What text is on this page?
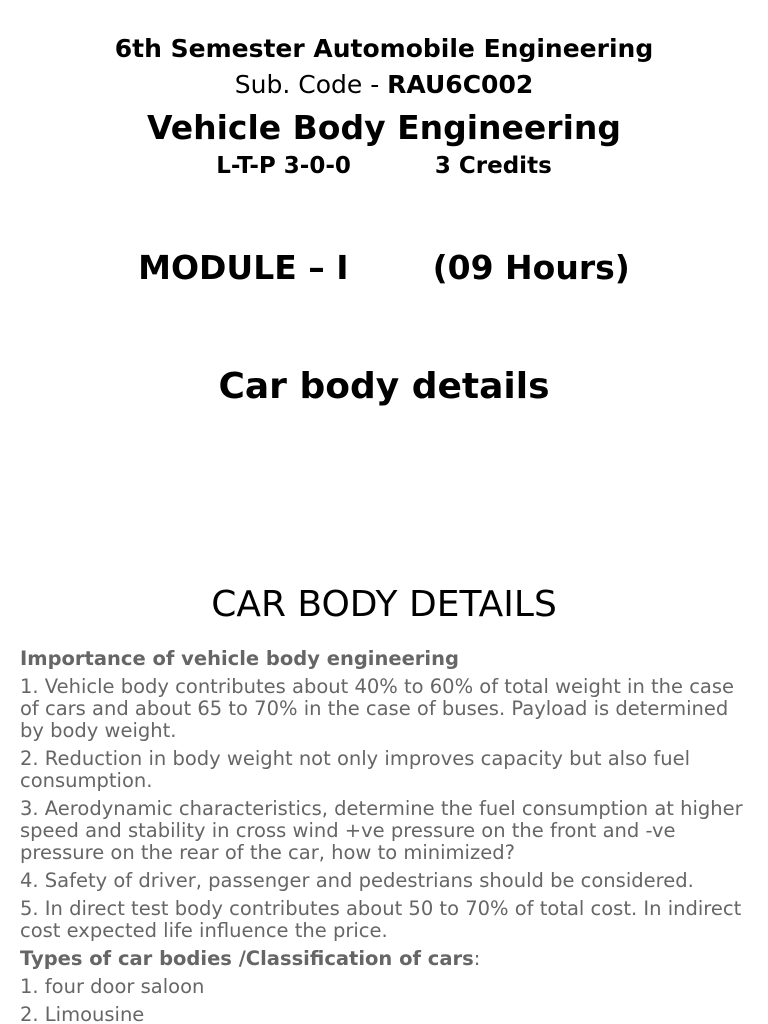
6th Semester Automobile Engineering
Sub. Code - RAU6C002
Vehicle Body Engineering
L-T-P 3-0-0	3 Credits
MODULE – I	(09 Hours)
Car body details
CAR BODY DETAILS
Importance of vehicle body engineering
1. Vehicle body contributes about 40% to 60% of total weight in the case of cars and about 65 to 70% in the case of buses. Payload is determined by body weight.
2. Reduction in body weight not only improves capacity but also fuel consumption.
3. Aerodynamic characteristics, determine the fuel consumption at higher speed and stability in cross wind +ve pressure on the front and -ve pressure on the rear of the car, how to minimized?
4. Safety of driver, passenger and pedestrians should be considered.
5. In direct test body contributes about 50 to 70% of total cost. In indirect cost expected life influence the price.
Types of car bodies /Classification of cars:
1. four door saloon
2. Limousine
